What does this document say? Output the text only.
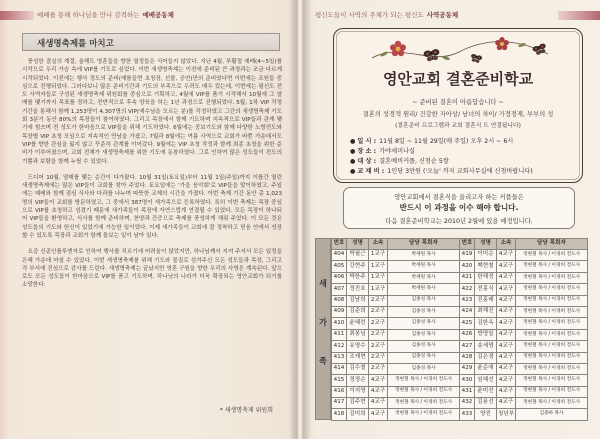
예배를 통해 하나님을 만나 감격하는 예배공동체
새생명축제를 마치고

풍성한 결실의 계절, 올해도 영혼들을 향한 열정들은 식어들지 않았다. 지난 4월, 부활절 예배(4~5일)를 시작으로 우리 가슴 속에 VIP를 기도로 심었다. 이번 새생명축제는 이전에 준비된 큰 과정과는 조금 다르게 시작되었다. 이전에는 행사 정도의 준비(예를들면 초청장, 선물, 공연)만의 준비였다면 이번에는 조원들 중심으로 진행되었다. 그러다보니 많은 준비기간과 기도의 부족으로 우려도 매우 컸는데, 이번에는 평신도 전도 사역자들로 구성된 새생명축제 위원회를 중심으로 기획하고, 4월에 VIP를 품기 시작해서 10월에 그 열매를 맺기까지 목표를 정하고, 전반적으로 후속 양육을 하는 1년 과정으로 진행되었다. 5월, 1차 VIP 작정기간을 통해서 함께 1,253명이 4,307명의 VIP(예수님을 모르는 분)를 작정하였고 그간의 새생명축제 기도회 3분기 동안 80%의 목장들이 참여하였다. 그리고 목장에서 함께 기도하며 지속적으로 VIP들과 관계 맺기에 힘쓰며 전 성도가 한마음으로 VIP들을 위해 기도하였다. 6월에는 중보기도와 함께 다양한 노방전도와 목장별 VIP 초청 모임으로 지속적인 만남을 가졌고, 7월과 8월에는 여름 사역으로 교회가 바쁜 가운데서도 VIP를 향한 관심을 잃지 않고 꾸준히 관계를 이어갔다. 9월에는 VIP 초청 작정과 함께 최종 초청을 위한 준비가 이루어졌으며, 교회 전체가 새생명축제를 위한 기도에 동참하였다. 그로 인하여 많은 성도들이 전도의 기쁨과 보람을 함께 누릴 수 있었다.

드디어 10월, 열매를 맺는 순간이 다가왔다. 10월 31일(토요일)부터 11월 1일(주일)까지 이틀간 열린 새생명축제에는 많은 VIP들이 교회를 찾아 주었다. 토요일에는 '가을 음악회'로 VIP들을 맞이하였고, 주일에는 예배와 함께 점심 식사와 다과를 나누며 따뜻한 교제의 시간을 가졌다. 이번 축제 기간 동안 총 1,023명의 VIP들이 교회를 방문하였고, 그 중에서 387명이 새가족으로 등록하였다. 특히 이번 축제는 목장 중심으로 VIP를 초청하고 섬겼기 때문에 새가족들이 목장에 자연스럽게 연결될 수 있었다. 모든 목장이 하나되어 VIP들을 환영하고, 식사를 함께 준비하며, 찬양과 간증으로 축제를 풍성하게 채워 주었다. 이 모든 것은 성도들의 기도와 헌신이 있었기에 가능한 일이었다. 이제 새가족들이 교회에 잘 정착하고 믿음 안에서 성장할 수 있도록 목장과 교회가 함께 돌보는 일이 남아 있다.

요즘 신종인플루엔자로 인하여 행사를 치르기에 어려움이 많았지만, 하나님께서 지켜 주셔서 모든 일정을 은혜 가운데 마칠 수 있었다. 이번 새생명축제를 위해 기도와 물질로 섬겨주신 모든 성도들과 목장, 그리고 각 부서에 진심으로 감사를 드린다. 새생명축제는 끝났지만 영혼 구원을 향한 우리의 사명은 계속된다. 앞으로도 모든 성도들이 한마음으로 VIP를 품고 기도하며, 하나님의 나라가 더욱 확장되는 영안교회가 되기를 소망한다.

* 새생명축제 위원회
평신도들이 사역의 주체가 되는 평신도 사역공동체
영안교회 결혼준비학교
~ 준비된 결혼이 아름답습니다 ~
결혼의 성경적 원리/ 건강한 자아상/ 남녀의 차이/ 가정경제, 부부의 성
(결혼준비 프로그램과 교회 결혼식 도 연결됩니다)
● 일 시 : 11월 8일 ~ 11월 29일(매 주일) 오후 2시 ~ 6시
● 장 소 : 가야세미나실
● 대 상 : 결혼예비커플, 신청순 5쌍
● 교 재 비 : 1인당 3만원 ('오늘' 까지 교회사무실에 신청바랍니다)
영안교회에서 결혼식을 올리고자 하는 커플들은
반드시 이 과정을 이수 해야 합니다.
다음 결혼준비학교는 2010년 2월에 있을 예정입니다.
새 가 족
번호	성명	소속	담당 목회자	번호	성명	소속	담당 목회자
404	박필근	1교구	박세원 목사	419	이미순	4교구	정현철 목사 / 이경희 전도사
405	강현주	1교구	박세원 목사	420	백현철	4교구	정현철 목사 / 이경희 전도사
406	박한주	1교구	박세원 목사	421	한해정	4교구	정현철 목사 / 이경희 전도사
407	정진호	1교구	박세원 목사	422	전홍식	4교구	정현철 목사 / 이경희 전도사
408	김남희	2교구	김종성 목사	423	진홍래	4교구	정현철 목사 / 이경희 전도사
409	김준희	2교구	김종성 목사	424	최해진	4교구	정현철 목사 / 이경희 전도사
410	윤혜련	2교구	김종성 목사	425	김한옥	4교구	정현철 목사 / 이경희 전도사
411	최봉님	2교구	김종성 목사	426	방명일	4교구	정현철 목사 / 이경희 전도사
412	유영수	2교구	김종성 목사	427	송세명	4교구	정현철 목사 / 이경희 전도사
413	조재현	2교구	김종성 목사	428	김은경	4교구	정현철 목사 / 이경희 전도사
414	김수철	2교구	김종성 목사	429	윤순애	4교구	정현철 목사 / 이경희 전도사
415	정정순	4교구	정현철 목사 / 이경희 전도사	430	임혜선	4교구	정현철 목사 / 이경희 전도사
416	이지영	4교구	정현철 목사 / 이경희 전도사	431	윤미선	4교구	정현철 목사 / 이경희 전도사
417	김주현	4교구	정현철 목사 / 이경희 전도사	432	김용선	4교구	정현철 목사 / 이경희 전도사
418	김미희	4교구	정현철 목사 / 이경희 전도사	433	양진	청년부	김종하 목사
